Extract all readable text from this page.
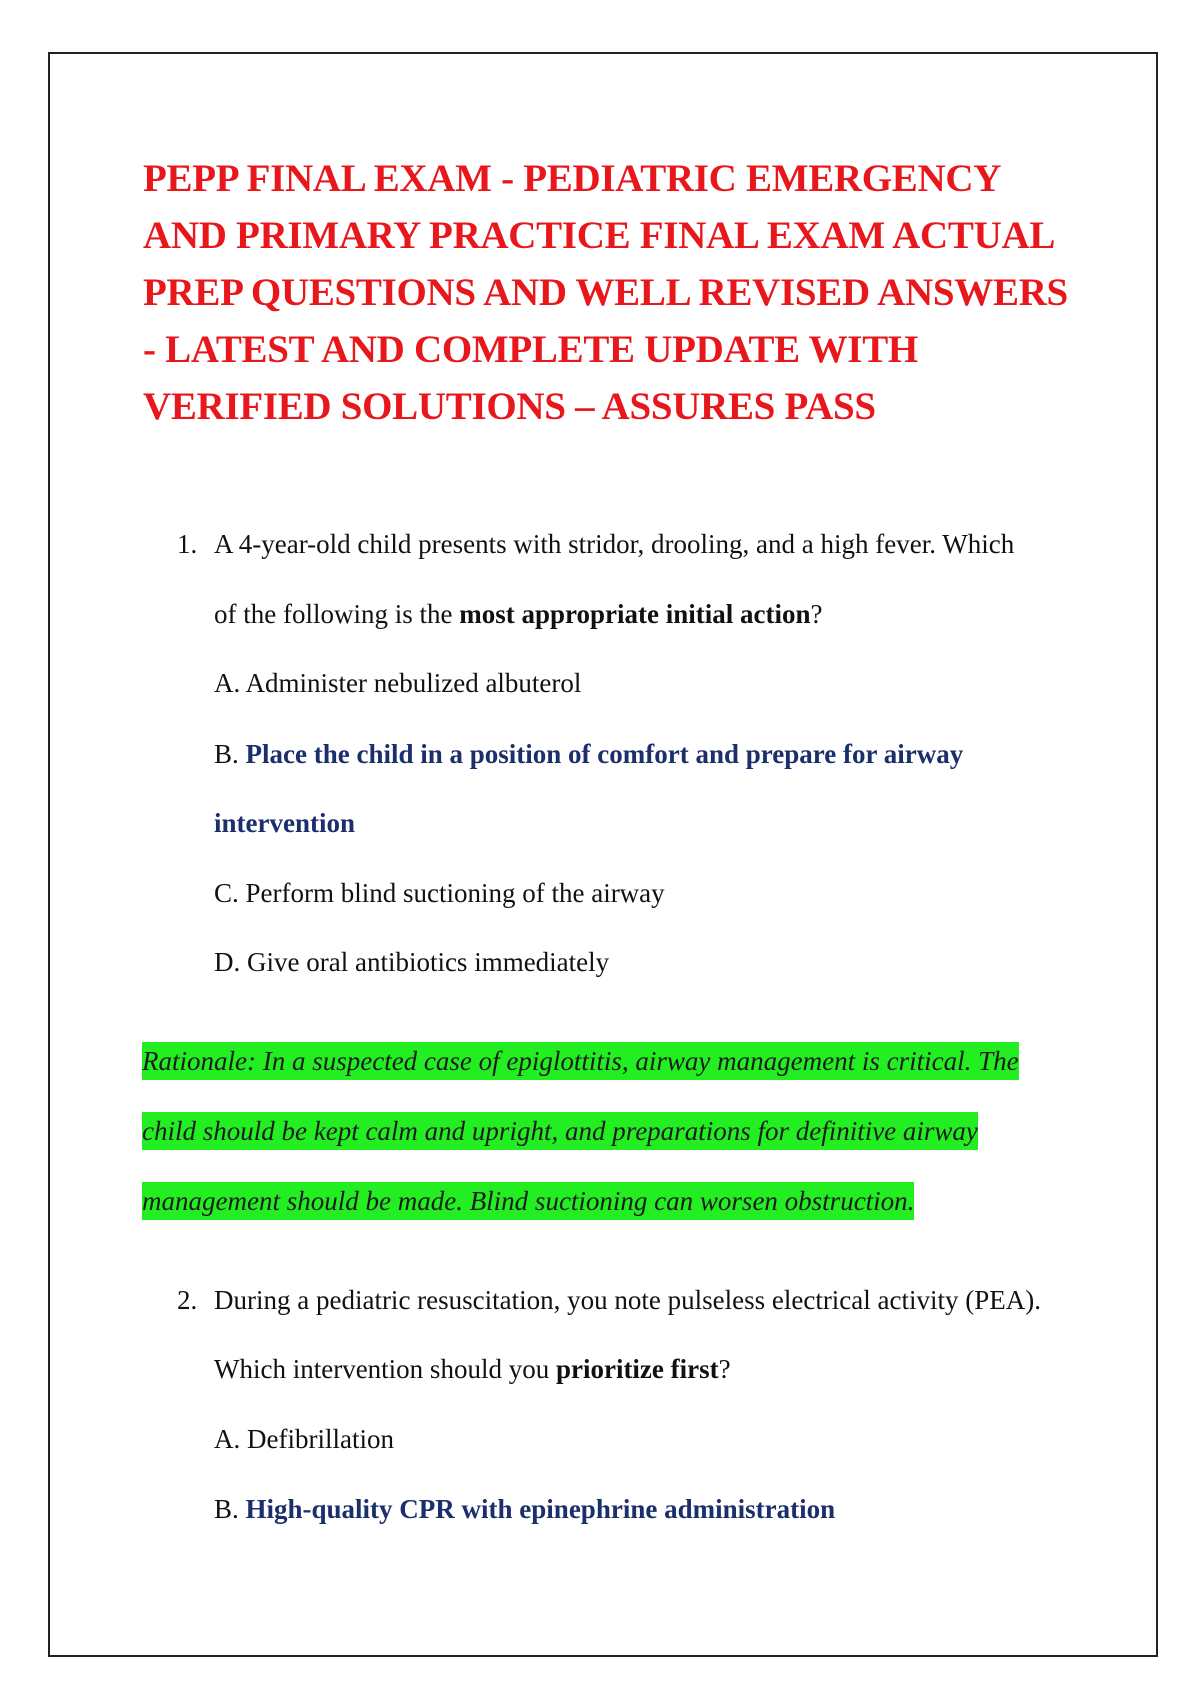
PEPP FINAL EXAM - PEDIATRIC EMERGENCY AND PRIMARY PRACTICE FINAL EXAM ACTUAL PREP QUESTIONS AND WELL REVISED ANSWERS - LATEST AND COMPLETE UPDATE WITH VERIFIED SOLUTIONS – ASSURES PASS
1. A 4-year-old child presents with stridor, drooling, and a high fever. Which
of the following is the most appropriate initial action?
A. Administer nebulized albuterol
B. Place the child in a position of comfort and prepare for airway
intervention
C. Perform blind suctioning of the airway
D. Give oral antibiotics immediately
Rationale: In a suspected case of epiglottitis, airway management is critical. The
child should be kept calm and upright, and preparations for definitive airway
management should be made. Blind suctioning can worsen obstruction.
2. During a pediatric resuscitation, you note pulseless electrical activity (PEA).
Which intervention should you prioritize first?
A. Defibrillation
B. High-quality CPR with epinephrine administration
